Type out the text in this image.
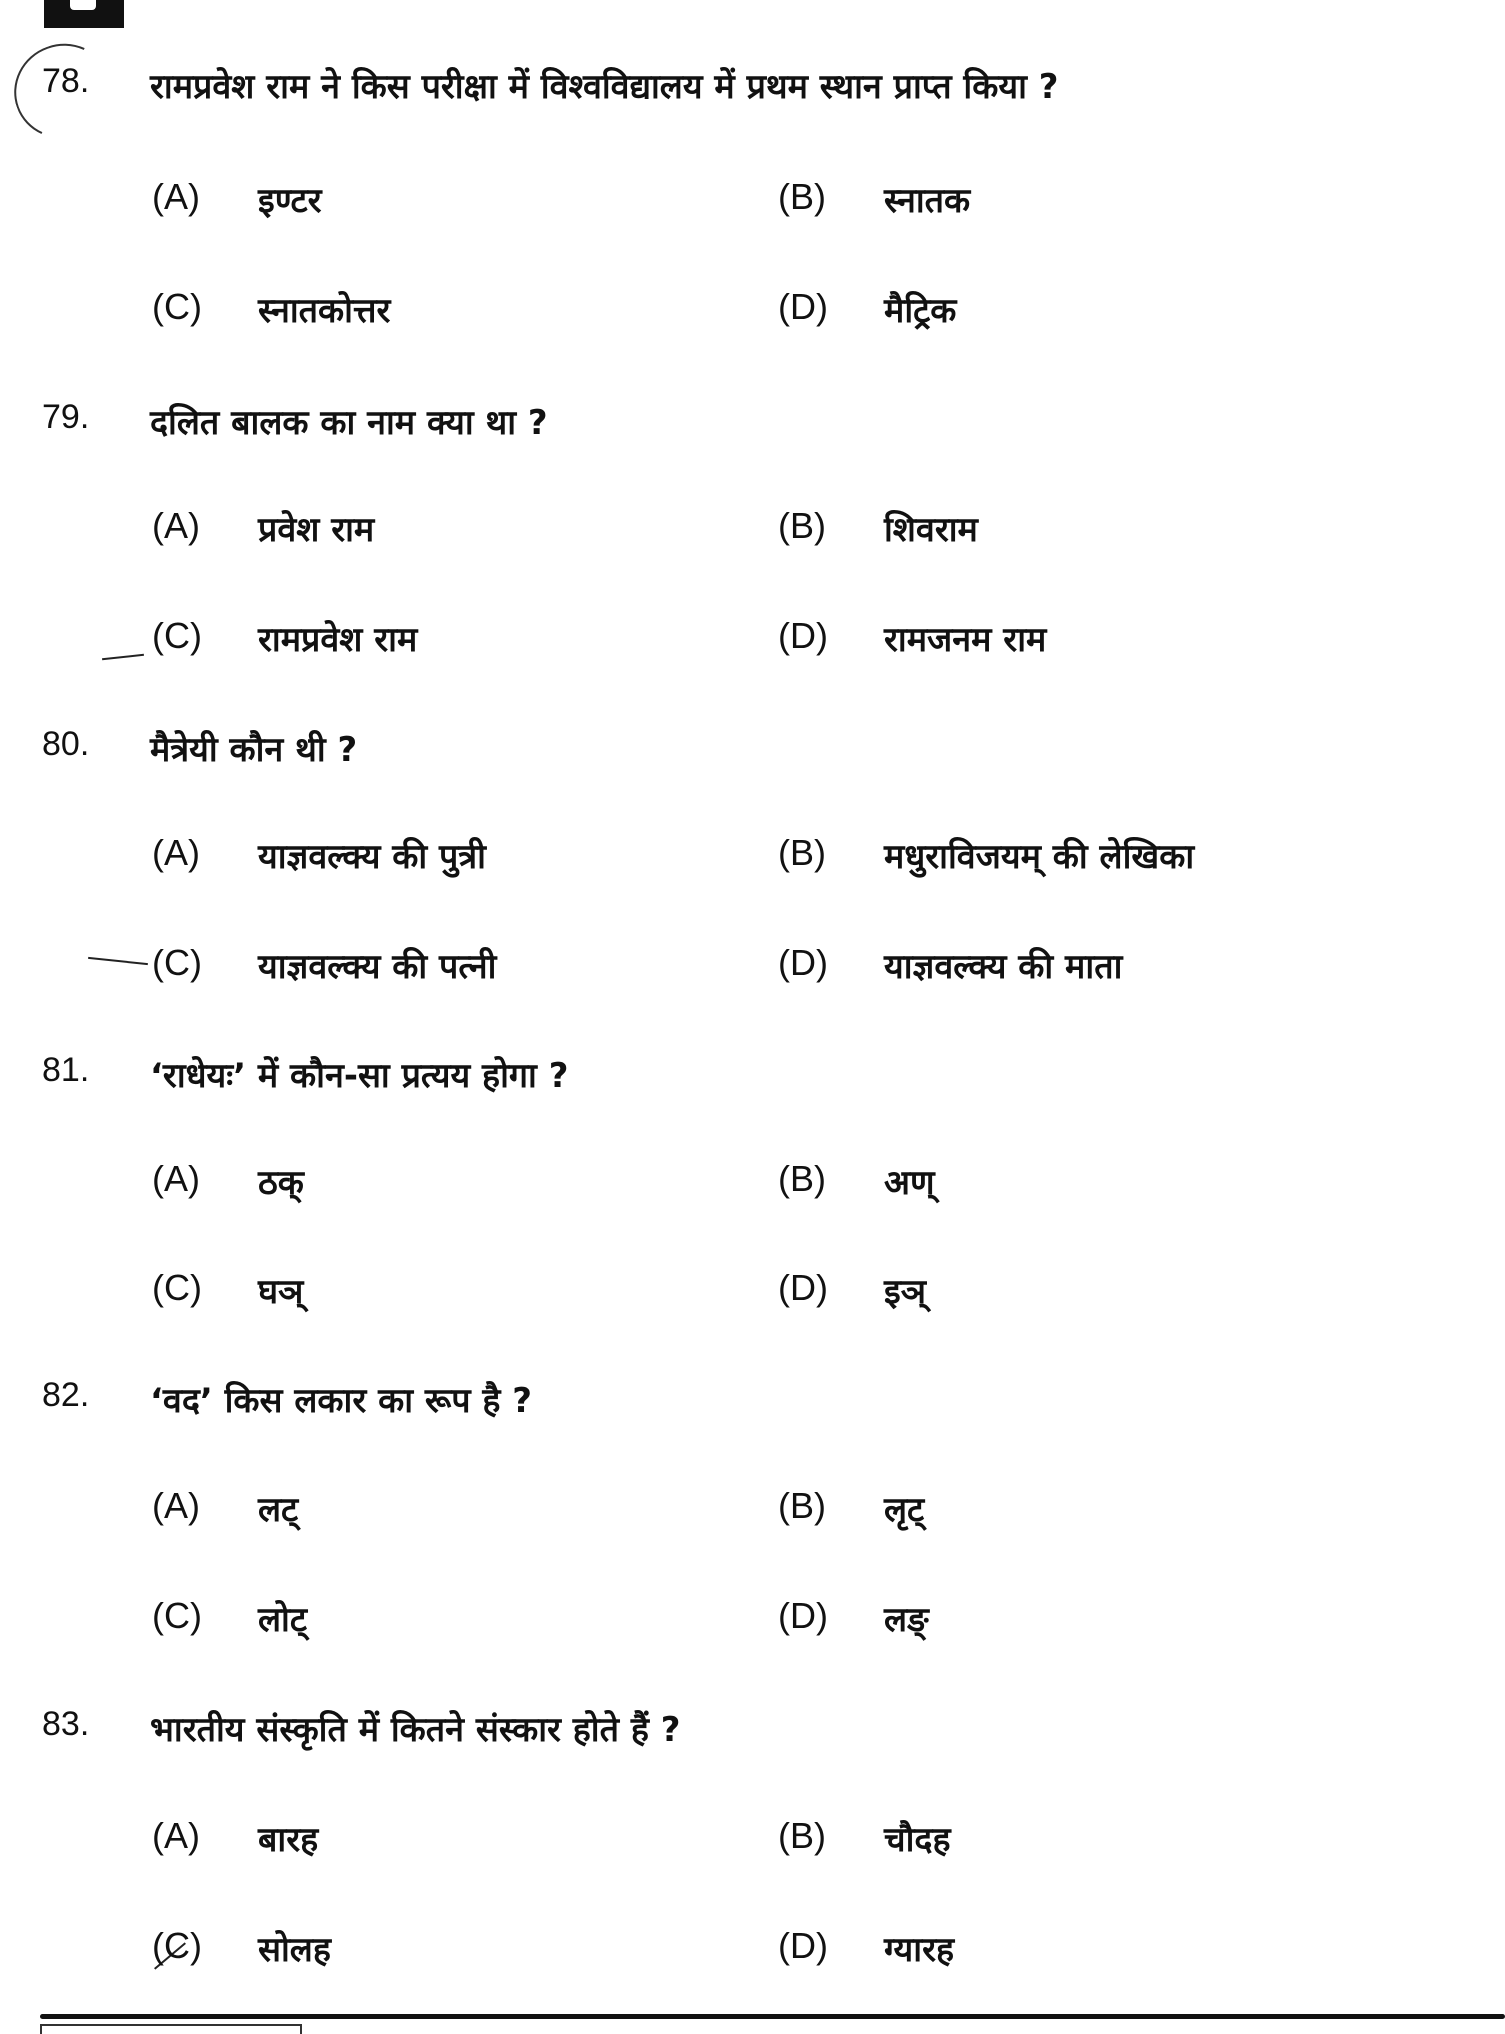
78. रामप्रवेश राम ने किस परीक्षा में विश्वविद्यालय में प्रथम स्थान प्राप्त किया ?
(A) इण्टर	(B) स्नातक
(C) स्नातकोत्तर	(D) मैट्रिक
79. दलित बालक का नाम क्या था ?
(A) प्रवेश राम	(B) शिवराम
(C) रामप्रवेश राम	(D) रामजनम राम
80. मैत्रेयी कौन थी ?
(A) याज्ञवल्क्य की पुत्री	(B) मधुराविजयम् की लेखिका
(C) याज्ञवल्क्य की पत्नी	(D) याज्ञवल्क्य की माता
81. ‘राधेयः’ में कौन-सा प्रत्यय होगा ?
(A) ठक्	(B) अण्
(C) घञ्	(D) इञ्
82. ‘वद’ किस लकार का रूप है ?
(A) लट्	(B) लृट्
(C) लोट्	(D) लङ्
83. भारतीय संस्कृति में कितने संस्कार होते हैं ?
(A) बारह	(B) चौदह
(C) सोलह	(D) ग्यारह
